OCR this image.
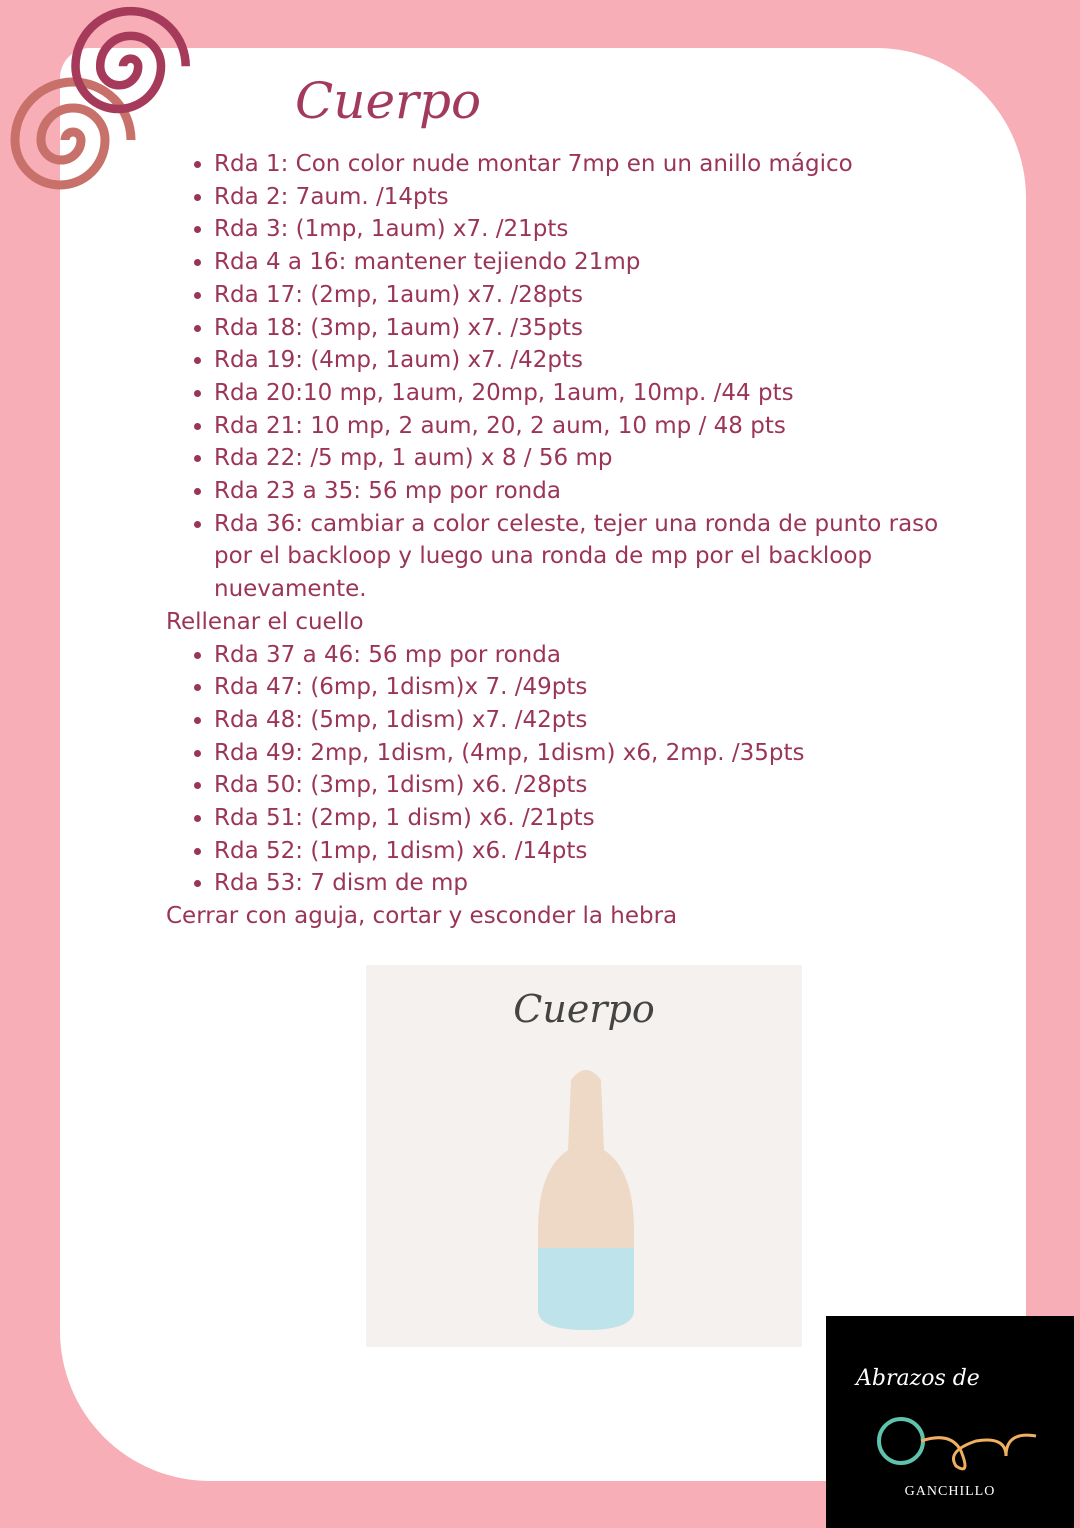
Cuerpo
• Rda 1: Con color nude montar 7mp en un anillo mágico
• Rda 2: 7aum. /14pts
• Rda 3: (1mp, 1aum) x7. /21pts
• Rda 4 a 16: mantener tejiendo 21mp
• Rda 17: (2mp, 1aum) x7. /28pts
• Rda 18: (3mp, 1aum) x7. /35pts
• Rda 19: (4mp, 1aum) x7. /42pts
• Rda 20:10 mp, 1aum, 20mp, 1aum, 10mp. /44 pts
• Rda 21: 10 mp, 2 aum, 20, 2 aum, 10 mp / 48 pts
• Rda 22: /5 mp, 1 aum) x 8 / 56 mp
• Rda 23 a 35: 56 mp por ronda
• Rda 36: cambiar a color celeste, tejer una ronda de punto raso por el backloop y luego una ronda de mp por el backloop nuevamente.

Rellenar el cuello

• Rda 37 a 46: 56 mp por ronda
• Rda 47: (6mp, 1dism)x 7. /49pts
• Rda 48: (5mp, 1dism) x7. /42pts
• Rda 49: 2mp, 1dism, (4mp, 1dism) x6, 2mp. /35pts
• Rda 50: (3mp, 1dism) x6. /28pts
• Rda 51: (2mp, 1 dism) x6. /21pts
• Rda 52: (1mp, 1dism) x6. /14pts
• Rda 53: 7 dism de mp

Cerrar con aguja, cortar y esconder la hebra

Cuerpo
Abrazos de
GANCHILLO
